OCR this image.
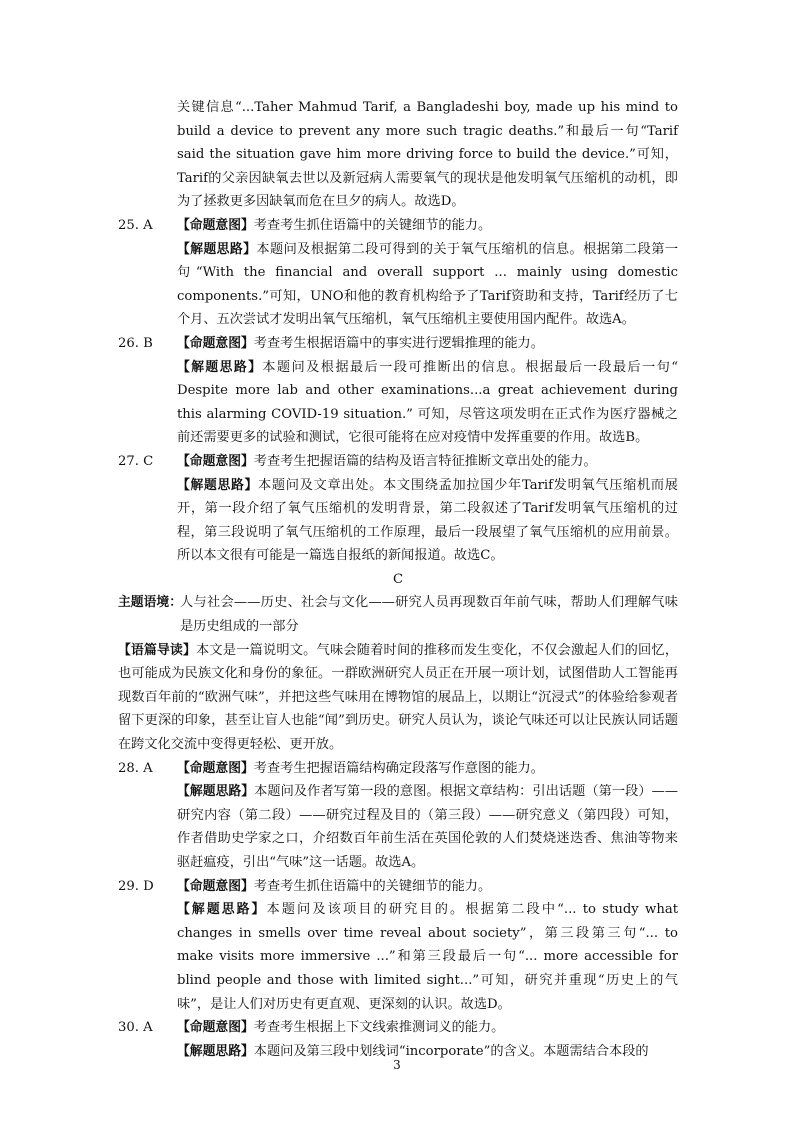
关键信息“...Taher Mahmud Tarif, a Bangladeshi boy, made up his mind to build a device to prevent any more such tragic deaths.”和最后一句“Tarif said the situation gave him more driving force to build the device.”可知，Tarif的父亲因缺氧去世以及新冠病人需要氧气的现状是他发明氧气压缩机的动机，即为了拯救更多因缺氧而危在旦夕的病人。故选D。

25. A 【命题意图】考查考生抓住语篇中的关键细节的能力。

【解题思路】本题问及根据第二段可得到的关于氧气压缩机的信息。根据第二段第一句“With the financial and overall support ... mainly using domestic components.”可知，UNO和他的教育机构给予了Tarif资助和支持，Tarif经历了七个月、五次尝试才发明出氧气压缩机，氧气压缩机主要使用国内配件。故选A。

26. B 【命题意图】考查考生根据语篇中的事实进行逻辑推理的能力。

【解题思路】本题问及根据最后一段可推断出的信息。根据最后一段最后一句“ Despite more lab and other examinations...a great achievement during this alarming COVID-19 situation.” 可知，尽管这项发明在正式作为医疗器械之前还需要更多的试验和测试，它很可能将在应对疫情中发挥重要的作用。故选B。

27. C 【命题意图】考查考生把握语篇的结构及语言特征推断文章出处的能力。

【解题思路】本题问及文章出处。本文围绕孟加拉国少年Tarif发明氧气压缩机而展开，第一段介绍了氧气压缩机的发明背景，第二段叙述了Tarif发明氧气压缩机的过程，第三段说明了氧气压缩机的工作原理，最后一段展望了氧气压缩机的应用前景。所以本文很有可能是一篇选自报纸的新闻报道。故选C。

C

主题语境：
人与社会——历史、社会与文化——研究人员再现数百年前气味，帮助人们理解气味是历史组成的一部分

【语篇导读】本文是一篇说明文。气味会随着时间的推移而发生变化，不仅会激起人们的回忆，也可能成为民族文化和身份的象征。一群欧洲研究人员正在开展一项计划，试图借助人工智能再现数百年前的“欧洲气味”，并把这些气味用在博物馆的展品上，以期让“沉浸式”的体验给参观者留下更深的印象，甚至让盲人也能“闻”到历史。研究人员认为，谈论气味还可以让民族认同话题在跨文化交流中变得更轻松、更开放。

28. A 【命题意图】考查考生把握语篇结构确定段落写作意图的能力。

【解题思路】本题问及作者写第一段的意图。根据文章结构：引出话题（第一段）——研究内容（第二段）——研究过程及目的（第三段）——研究意义（第四段）可知，作者借助史学家之口，介绍数百年前生活在英国伦敦的人们焚烧迷迭香、焦油等物来驱赶瘟疫，引出“气味”这一话题。故选A。

29. D 【命题意图】考查考生抓住语篇中的关键细节的能力。

【解题思路】本题问及该项目的研究目的。根据第二段中“... to study what changes in smells over time reveal about society”，第三段第三句“... to make visits more immersive ...”和第三段最后一句“... more accessible for blind people and those with limited sight...”可知，研究并重现“历史上的气味”，是让人们对历史有更直观、更深刻的认识。故选D。

30. A 【命题意图】考查考生根据上下文线索推测词义的能力。

【解题思路】本题问及第三段中划线词“incorporate”的含义。本题需结合本段的

3
